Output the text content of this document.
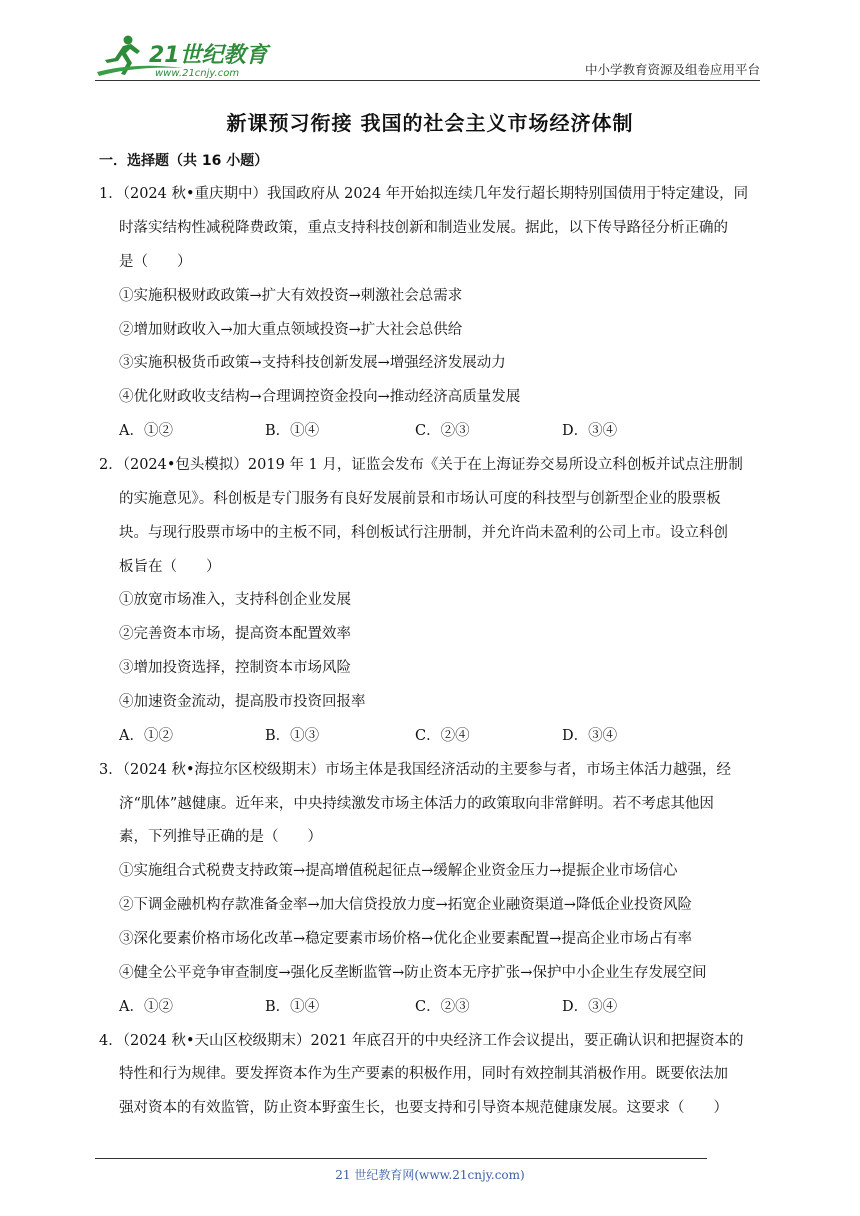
21世纪教育
www.21cnjy.com	中小学教育资源及组卷应用平台
新课预习衔接 我国的社会主义市场经济体制
一．选择题（共 16 小题）
1．（2024 秋•重庆期中）我国政府从 2024 年开始拟连续几年发行超长期特别国债用于特定建设，同
时落实结构性减税降费政策，重点支持科技创新和制造业发展。据此，以下传导路径分析正确的
是（　　）
①实施积极财政政策→扩大有效投资→刺激社会总需求
②增加财政收入→加大重点领域投资→扩大社会总供给
③实施积极货币政策→支持科技创新发展→增强经济发展动力
④优化财政收支结构→合理调控资金投向→推动经济高质量发展
A．①②	B．①④	C．②③	D．③④
2．（2024•包头模拟）2019 年 1 月，证监会发布《关于在上海证券交易所设立科创板并试点注册制
的实施意见》。科创板是专门服务有良好发展前景和市场认可度的科技型与创新型企业的股票板
块。与现行股票市场中的主板不同，科创板试行注册制，并允许尚未盈利的公司上市。设立科创
板旨在（　　）
①放宽市场准入，支持科创企业发展
②完善资本市场，提高资本配置效率
③增加投资选择，控制资本市场风险
④加速资金流动，提高股市投资回报率
A．①②	B．①③	C．②④	D．③④
3．（2024 秋•海拉尔区校级期末）市场主体是我国经济活动的主要参与者，市场主体活力越强，经
济“肌体”越健康。近年来，中央持续激发市场主体活力的政策取向非常鲜明。若不考虑其他因
素，下列推导正确的是（　　）
①实施组合式税费支持政策→提高增值税起征点→缓解企业资金压力→提振企业市场信心
②下调金融机构存款准备金率→加大信贷投放力度→拓宽企业融资渠道→降低企业投资风险
③深化要素价格市场化改革→稳定要素市场价格→优化企业要素配置→提高企业市场占有率
④健全公平竞争审查制度→强化反垄断监管→防止资本无序扩张→保护中小企业生存发展空间
A．①②	B．①④	C．②③	D．③④
4．（2024 秋•天山区校级期末）2021 年底召开的中央经济工作会议提出，要正确认识和把握资本的
特性和行为规律。要发挥资本作为生产要素的积极作用，同时有效控制其消极作用。既要依法加
强对资本的有效监管，防止资本野蛮生长，也要支持和引导资本规范健康发展。这要求（　　）
21 世纪教育网(www.21cnjy.com)
